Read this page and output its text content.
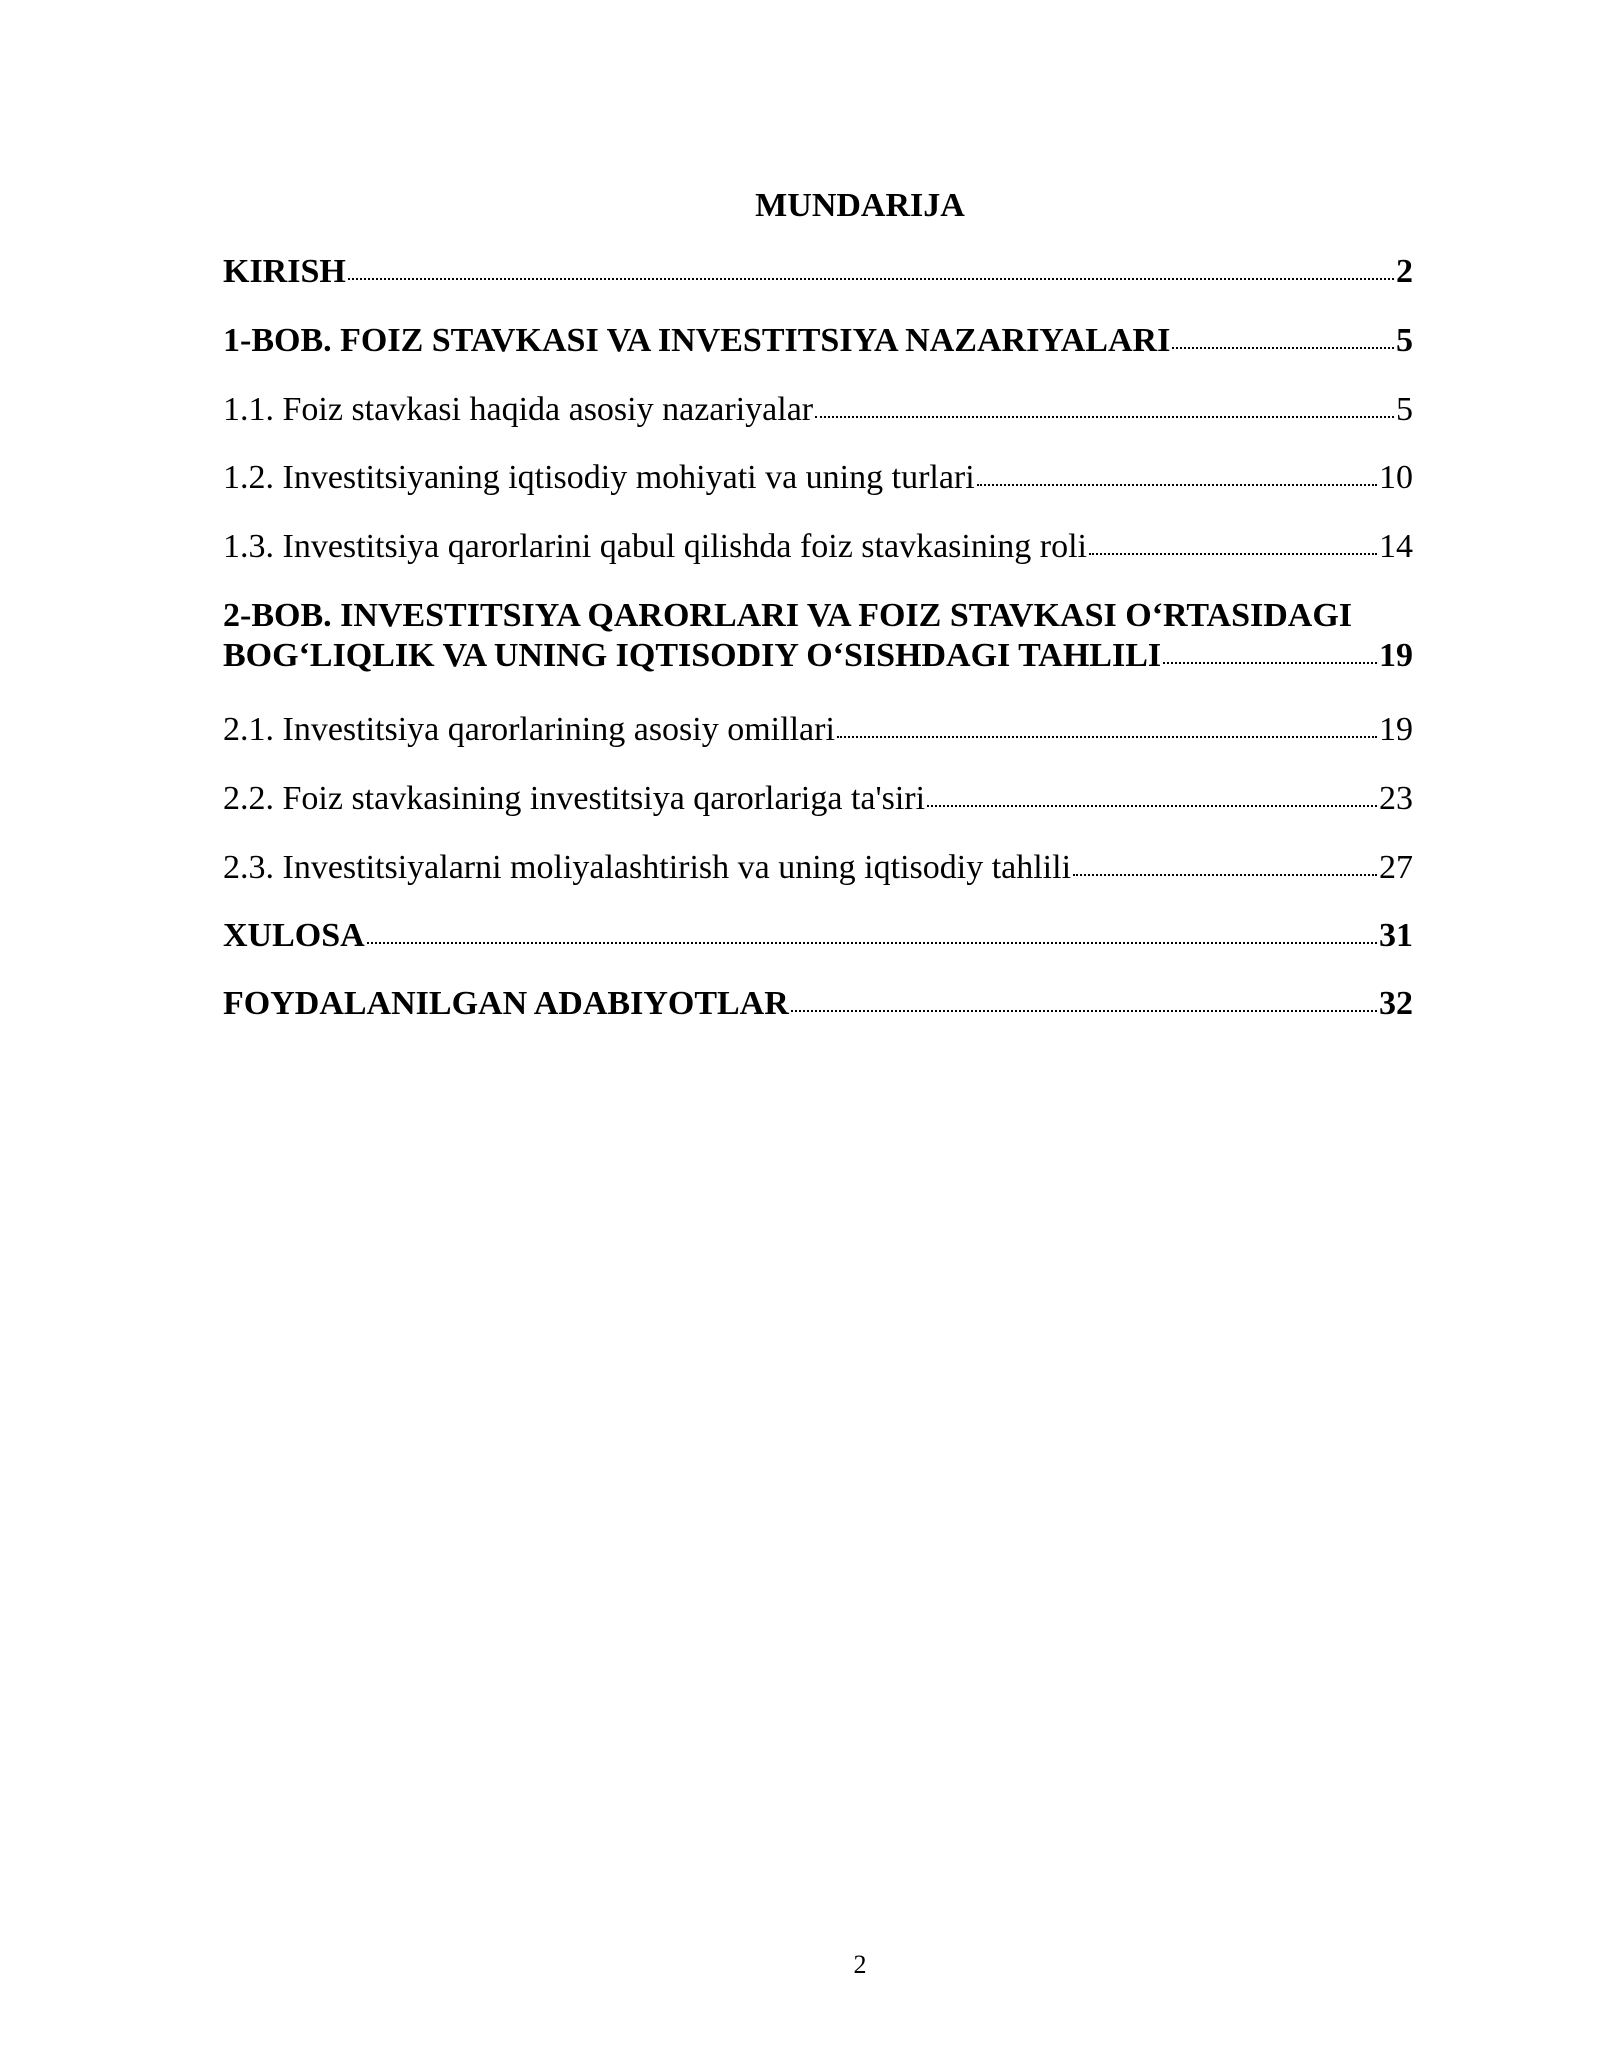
MUNDARIJA
KIRISH	2
1-BOB. FOIZ STAVKASI VA INVESTITSIYA NAZARIYALARI	5
1.1. Foiz stavkasi haqida asosiy nazariyalar	5
1.2. Investitsiyaning iqtisodiy mohiyati va uning turlari	10
1.3. Investitsiya qarorlarini qabul qilishda foiz stavkasining roli	14
2-BOB. INVESTITSIYA QARORLARI VA FOIZ STAVKASI O‘RTASIDAGI
BOG‘LIQLIK VA UNING IQTISODIY O‘SISHDAGI TAHLILI	19
2.1. Investitsiya qarorlarining asosiy omillari	19
2.2. Foiz stavkasining investitsiya qarorlariga ta'siri	23
2.3. Investitsiyalarni moliyalashtirish va uning iqtisodiy tahlili	27
XULOSA	31
FOYDALANILGAN ADABIYOTLAR	32
2
